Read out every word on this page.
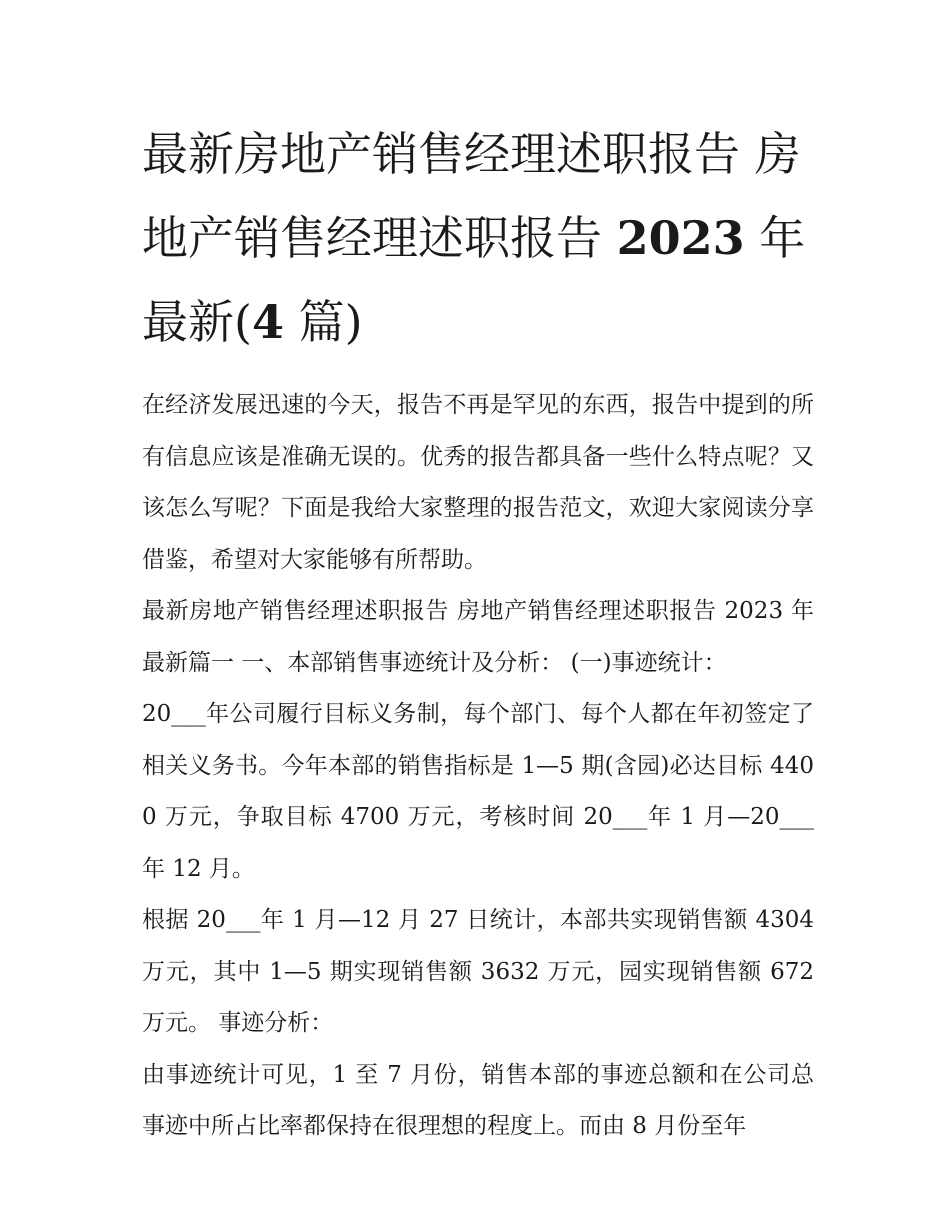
最新房地产销售经理述职报告 房地产销售经理述职报告 2023 年最新(4 篇)

在经济发展迅速的今天，报告不再是罕见的东西，报告中提到的所有信息应该是准确无误的。优秀的报告都具备一些什么特点呢？又该怎么写呢？下面是我给大家整理的报告范文，欢迎大家阅读分享借鉴，希望对大家能够有所帮助。

最新房地产销售经理述职报告 房地产销售经理述职报告 2023 年最新篇一 一、本部销售事迹统计及分析： (一)事迹统计：

20___年公司履行目标义务制，每个部门、每个人都在年初签定了相关义务书。今年本部的销售指标是 1—5 期(含园)必达目标 4400 万元，争取目标 4700 万元，考核时间 20___年 1 月—20___年 12 月。

根据 20___年 1 月—12 月 27 日统计，本部共实现销售额 4304 万元，其中 1—5 期实现销售额 3632 万元，园实现销售额 672 万元。 事迹分析：

由事迹统计可见，1 至 7 月份，销售本部的事迹总额和在公司总事迹中所占比率都保持在很理想的程度上。而由 8 月份至年
